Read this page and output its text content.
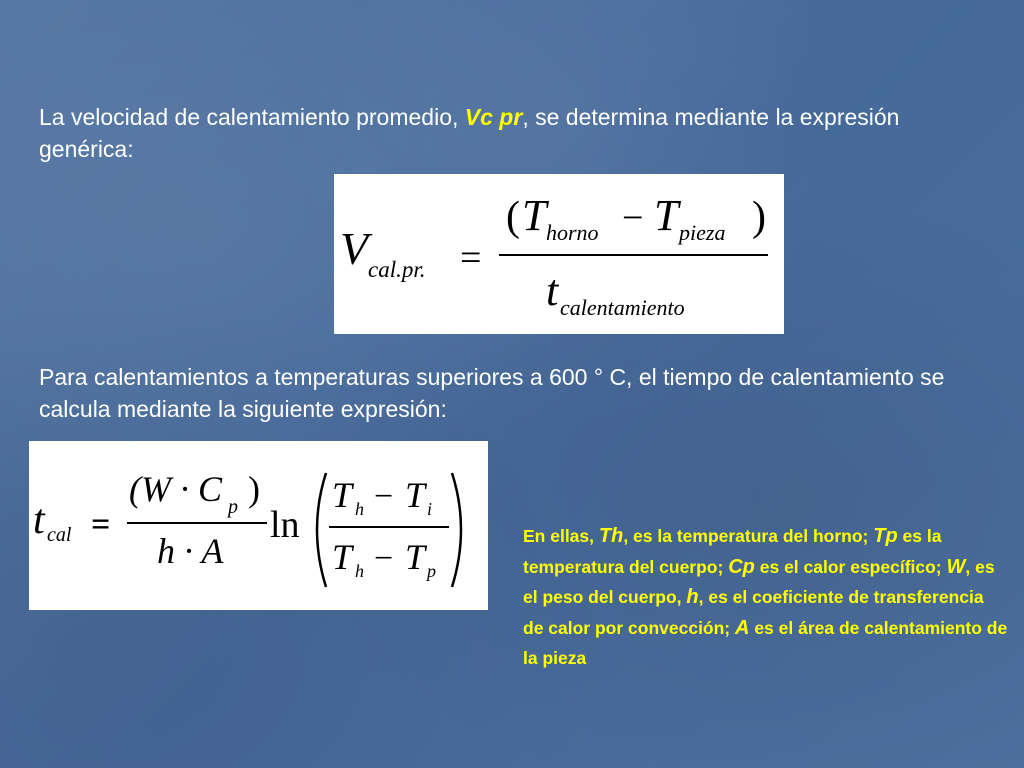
La velocidad de calentamiento promedio, Vc pr, se determina mediante la expresión genérica:

V cal.pr. =
( T horno − T pieza )
t calentamiento

Para calentamientos a temperaturas superiores a 600 ° C, el tiempo de calentamiento se calcula mediante la siguiente expresión:

t cal =
(W · C p )
h · A
ln
T h − T i
T h − T p
En ellas, Th, es la temperatura del horno; Tp es la temperatura del cuerpo; Cp es el calor específico; W, es el peso del cuerpo, h, es el coeficiente de transferencia de calor por convección; A es el área de calentamiento de la pieza
